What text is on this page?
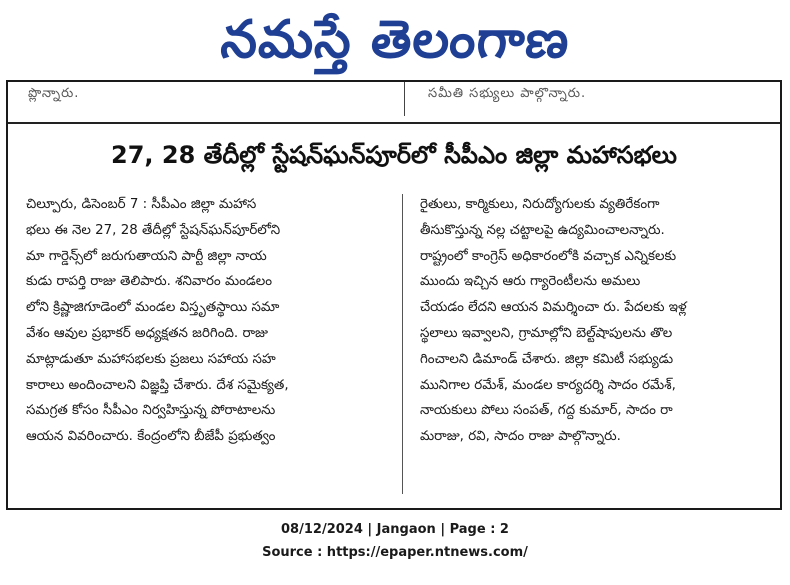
నమస్తే తెలంగాణ
ప్లొన్నారు.	సమీతి సభ్యులు పాల్గొన్నారు.
27, 28 తేదీల్లో స్టేషన్‌ఘన్‌పూర్‌లో సీపీఎం జిల్లా మహాసభలు
చిల్పూరు, డిసెంబర్ 7 : సీపీఎం జిల్లా మహాస
భలు ఈ నెల 27, 28 తేదీల్లో స్టేషన్‌ఘన్‌పూర్‌లోని
మా గార్డెన్స్‌లో జరుగుతాయని పార్టీ జిల్లా నాయ
కుడు రాపర్తి రాజు తెలిపారు. శనివారం మండలం
లోని క్రిష్ణాజిగూడెంలో మండల విస్తృతస్థాయి సమా
వేశం ఆవుల ప్రభాకర్ అధ్యక్షతన జరిగింది. రాజు
మాట్లాడుతూ మహాసభలకు ప్రజలు సహాయ సహ
కారాలు అందించాలని విజ్ఞప్తి చేశారు. దేశ సమైక్యత,
సమగ్రత కోసం సీపీఎం నిర్వహిస్తున్న పోరాటాలను
ఆయన వివరించారు. కేంద్రంలోని బీజేపీ ప్రభుత్వం
రైతులు, కార్మికులు, నిరుద్యోగులకు వ్యతిరేకంగా
తీసుకొస్తున్న నల్ల చట్టాలపై ఉద్యమించాలన్నారు.
రాష్ట్రంలో కాంగ్రెస్ అధికారంలోకి వచ్చాక ఎన్నికలకు
ముందు ఇచ్చిన ఆరు గ్యారెంటీలను అమలు
చేయడం లేదని ఆయన విమర్శించా రు. పేదలకు ఇళ్ల
స్థలాలు ఇవ్వాలని, గ్రామాల్లోని బెల్ట్‌షాపులను తొల
గించాలని డిమాండ్ చేశారు. జిల్లా కమిటీ సభ్యుడు
మునిగాల రమేశ్, మండల కార్యదర్శి సాదం రమేశ్,
నాయకులు పోలు సంపత్, గద్ద కుమార్, సాదం రా
మరాజు, రవి, సాదం రాజు పాల్గొన్నారు.
08/12/2024 | Jangaon | Page : 2
Source : https://epaper.ntnews.com/
